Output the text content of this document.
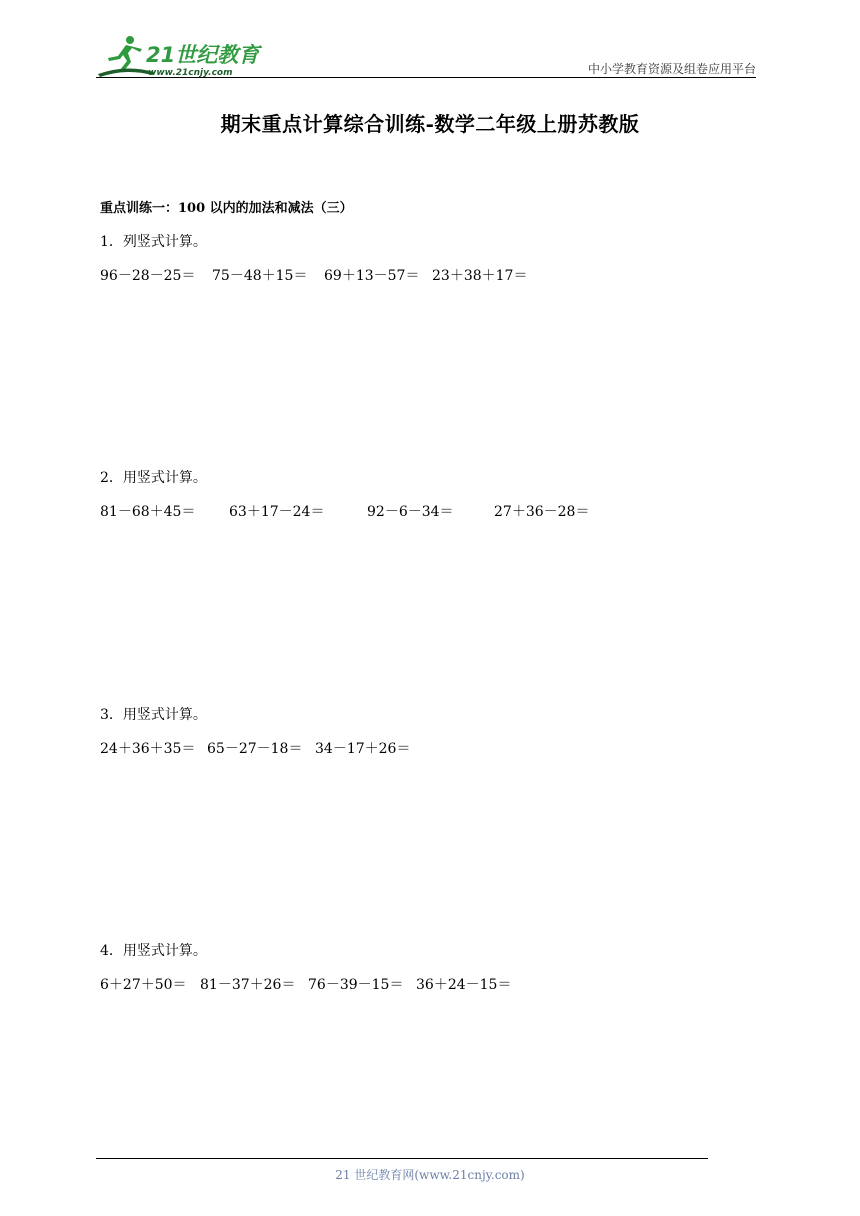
21世纪教育
www.21cnjy.com	中小学教育资源及组卷应用平台
期末重点计算综合训练-数学二年级上册苏教版
重点训练一：100 以内的加法和减法（三）
1．列竖式计算。
96－28－25＝ 75－48＋15＝ 69＋13－57＝ 23＋38＋17＝
2．用竖式计算。
81－68＋45＝ 63＋17－24＝	92－6－34＝	27＋36－28＝
3．用竖式计算。
24＋36＋35＝ 65－27－18＝ 34－17＋26＝
4．用竖式计算。
6＋27＋50＝ 81－37＋26＝ 76－39－15＝ 36＋24－15＝
21 世纪教育网(www.21cnjy.com)
